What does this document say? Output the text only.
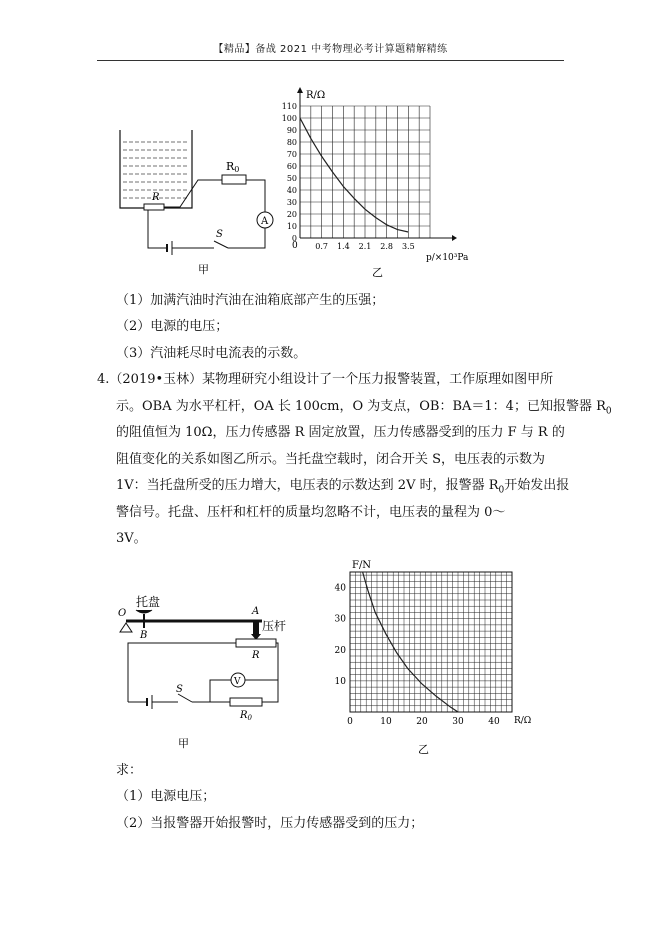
【精品】备战 2021 中考物理必考计算题精解精练
R
R0
A
S
甲
0
10
20
30
40
50
60
70
80
90
100
110
0.7 1.4 2.1 2.8 3.5
R/Ω
p/×10³Pa
0
乙
（1）加满汽油时汽油在油箱底部产生的压强；
（2）电源的电压；
（3）汽油耗尽时电流表的示数。
4.（2019•玉林）某物理研究小组设计了一个压力报警装置，工作原理如图甲所
示。OBA 为水平杠杆，OA 长 100cm，O 为支点，OB：BA＝1：4；已知报警器 $R_0$
的阻值恒为 10Ω，压力传感器 R 固定放置，压力传感器受到的压力 F 与 R 的
阻值变化的关系如图乙所示。当托盘空载时，闭合开关 S，电压表的示数为
1V：当托盘所受的压力增大，电压表的示数达到 2V 时，报警器 $R_0$开始发出报
警信号。托盘、压杆和杠杆的质量均忽略不计，电压表的量程为 0～
3V。
托盘
O	A
B
压杆
R
$R_0$
V
S
甲
10
20
30
40
0	10	20	30	40
F/N
R/Ω
乙
求：
（1）电源电压；
（2）当报警器开始报警时，压力传感器受到的压力；
